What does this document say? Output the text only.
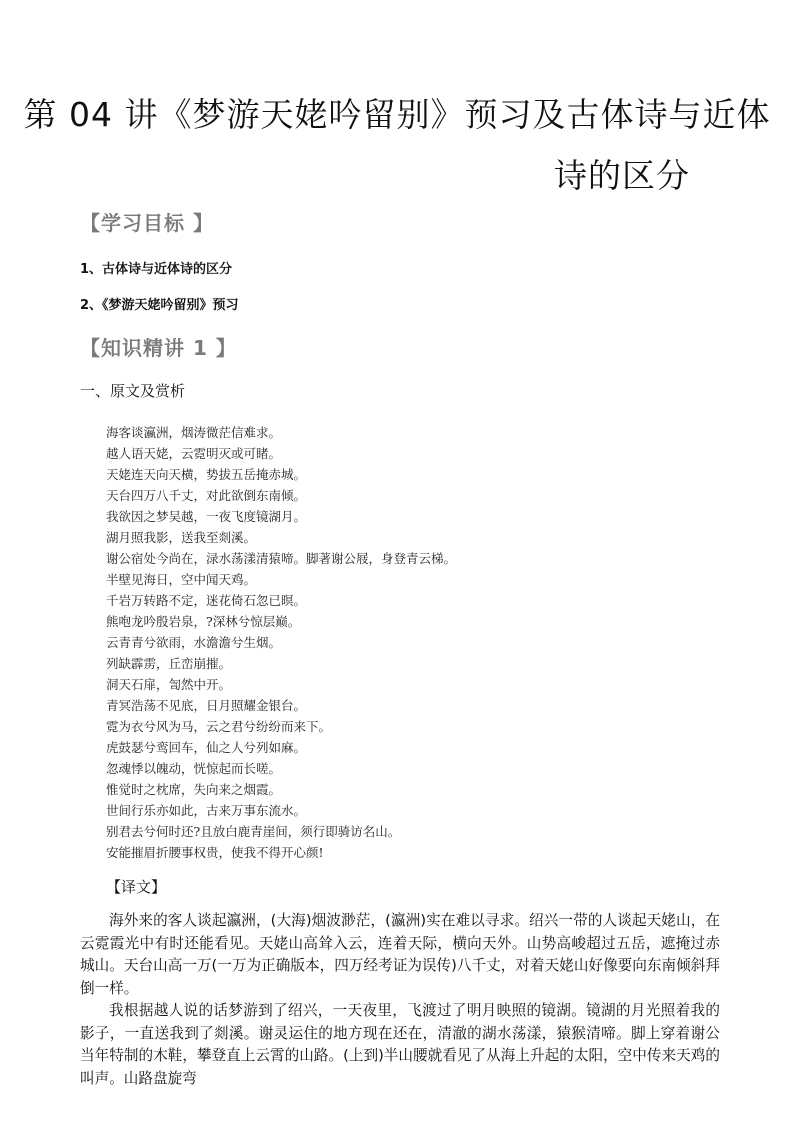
第 04 讲《梦游天姥吟留别》预习及古体诗与近体
诗的区分
【学习目标 】
1、古体诗与近体诗的区分
2、《梦游天姥吟留别》预习
【知识精讲 1 】
一、原文及赏析
海客谈瀛洲，烟涛微茫信难求。
越人语天姥，云霓明灭或可睹。
天姥连天向天横，势拔五岳掩赤城。
天台四万八千丈，对此欲倒东南倾。
我欲因之梦吴越，一夜飞度镜湖月。
湖月照我影，送我至剡溪。
谢公宿处今尚在，渌水荡漾清猿啼。脚著谢公屐，身登青云梯。
半壁见海日，空中闻天鸡。
千岩万转路不定，迷花倚石忽已暝。
熊咆龙吟殷岩泉，?深林兮惊层巅。
云青青兮欲雨，水澹澹兮生烟。
列缺霹雳，丘峦崩摧。
洞天石扉，訇然中开。
青冥浩荡不见底，日月照耀金银台。
霓为衣兮风为马，云之君兮纷纷而来下。
虎鼓瑟兮鸾回车，仙之人兮列如麻。
忽魂悸以魄动，恍惊起而长嗟。
惟觉时之枕席，失向来之烟霞。
世间行乐亦如此，古来万事东流水。
别君去兮何时还?且放白鹿青崖间，须行即骑访名山。
安能摧眉折腰事权贵，使我不得开心颜!
【译文】

海外来的客人谈起瀛洲，(大海)烟波渺茫，(瀛洲)实在难以寻求。绍兴一带的人谈起天姥山，在云霓霞光中有时还能看见。天姥山高耸入云，连着天际，横向天外。山势高峻超过五岳，遮掩过赤城山。天台山高一万(一万为正确版本，四万经考证为误传)八千丈，对着天姥山好像要向东南倾斜拜倒一样。

我根据越人说的话梦游到了绍兴，一天夜里，飞渡过了明月映照的镜湖。镜湖的月光照着我的影子，一直送我到了剡溪。谢灵运住的地方现在还在，清澈的湖水荡漾，猿猴清啼。脚上穿着谢公当年特制的木鞋，攀登直上云霄的山路。(上到)半山腰就看见了从海上升起的太阳，空中传来天鸡的叫声。山路盘旋弯
